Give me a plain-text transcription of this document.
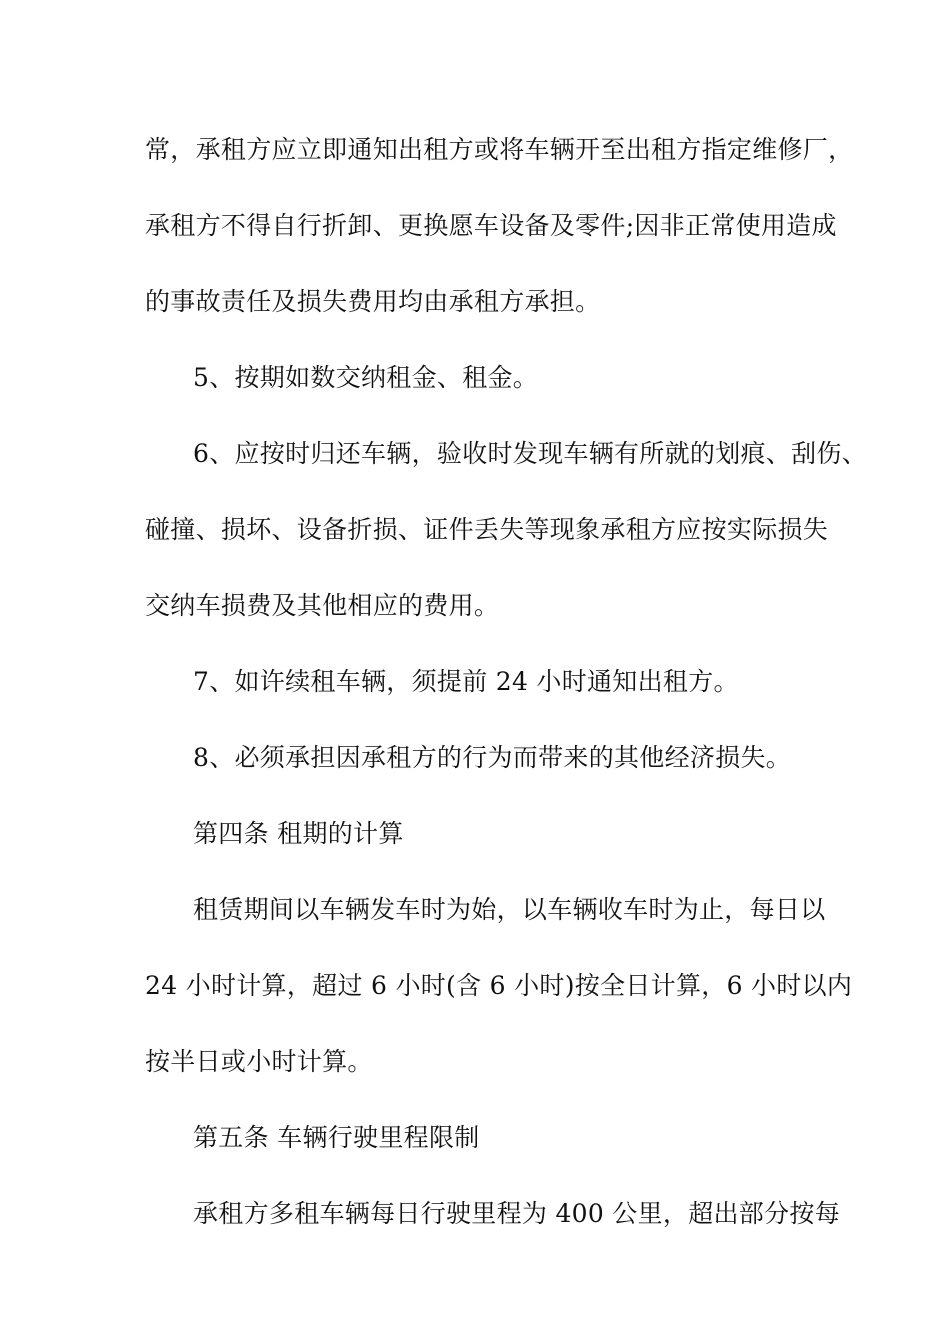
常，承租方应立即通知出租方或将车辆开至出租方指定维修厂，
承租方不得自行折卸、更换愿车设备及零件;因非正常使用造成
的事故责任及损失费用均由承租方承担。
5、按期如数交纳租金、租金。
6、应按时归还车辆，验收时发现车辆有所就的划痕、刮伤、
碰撞、损坏、设备折损、证件丢失等现象承租方应按实际损失
交纳车损费及其他相应的费用。
7、如许续租车辆，须提前 24 小时通知出租方。
8、必须承担因承租方的行为而带来的其他经济损失。
第四条 租期的计算
租赁期间以车辆发车时为始，以车辆收车时为止，每日以
24 小时计算，超过 6 小时(含 6 小时)按全日计算，6 小时以内
按半日或小时计算。
第五条 车辆行驶里程限制
承租方多租车辆每日行驶里程为 400 公里，超出部分按每
